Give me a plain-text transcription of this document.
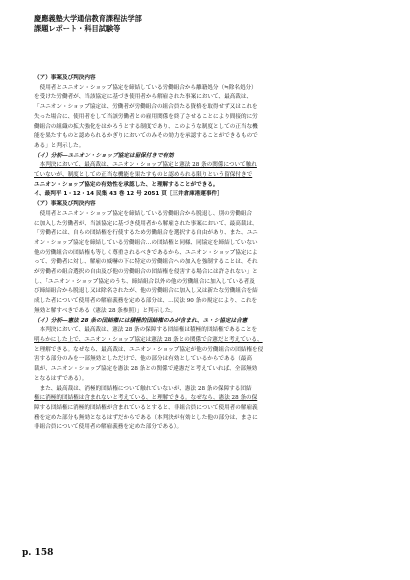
慶應義塾大学通信教育課程法学部
課題レポート・科目試験等

（ア）事案及び判決内容

使用者とユニオン・ショップ協定を締結している労働組合から離籍処分（≒除名処分）

を受けた労働者が、当該協定に基づき使用者から解雇された事案において、最高裁は、

「ユニオン・ショップ協定は、労働者が労働組合の組合員たる資格を取得せず又はこれを

失った場合に、使用者をして当該労働者との雇用関係を終了させることにより間接的に労

働組合の組織の拡大強化をはかろうとする制度であり、このような制度としての正当な機

能を果たすものと認められるかぎりにおいてのみその効力を承認することができるもので

ある」と判示した。

（イ）分析―ユニオン・ショップ協定は留保付きで有効

本判決において、最高裁は、ユニオン・ショップ協定と憲法 28 条の関係について触れ

ていないが、制度としての正当な機能を果たすものと認められる限りという留保付きで

ユニオン・ショップ協定の有効性を承認した、と理解することができる。

イ、最判平 1・12・14 民集 43 巻 12 号 2051 頁［三井倉庫港運事件］

（ア）事案及び判決内容

使用者とユニオン・ショップ協定を締結している労働組合から脱退し、別の労働組合

に加入した労働者が、当該協定に基づき使用者から解雇された事案において、最高裁は、

「労働者には、自らの団結権を行使するため労働組合を選択する自由があり、また、ユニ

オン・ショップ協定を締結している労働組合…の団結権と同様、同協定を締結していない

他の労働組合の団結権も等しく尊重されるべきであるから、ユニオン・ショップ協定によ

って、労働者に対し、解雇の威嚇の下に特定の労働組合への加入を強制することは、それ

が労働者の組合選択の自由及び他の労働組合の団結権を侵害する場合には許されない」と

し、「ユニオン・ショップ協定のうち、締結組合以外の他の労働組合に加入している者及

び締結組合から脱退し又は除名されたが、他の労働組合に加入し又は新たな労働組合を結

成した者について使用者の解雇義務を定める部分は、…民法 90 条の規定により、これを

無効と解すべきである（憲法 28 条参照）」と判示した。

（イ）分析―憲法 28 条の団結権には積極的団結権のみが含まれ、ユ・シ協定は合憲

本判決において、最高裁は、憲法 28 条の保障する団結権は積極的団結権であることを

明らかにした上で、ユニオン・ショップ協定は憲法 28 条との関係で合憲だと考えている、

と理解できる。なぜなら、最高裁は、ユニオン・ショップ協定が他の労働組合の団結権を侵

害する部分のみを一部無効としただけで、他の部分は有効としているからである（最高

裁が、ユニオン・ショップ協定を憲法 28 条との関係で違憲だと考えていれば、全部無効

となるはずである）。

また、最高裁は、消極的団結権について触れていないが、憲法 28 条の保障する団結

権に消極的団結権は含まれないと考えている、と理解できる。なぜなら、憲法 28 条の保

障する団結権に消極的団結権が含まれているとすると、非組合員について使用者の解雇義

務を定めた部分も無効となるはずだからである（本判決が有効とした他の部分は、まさに

非組合員について使用者の解雇義務を定めた部分である）。

p. 158
